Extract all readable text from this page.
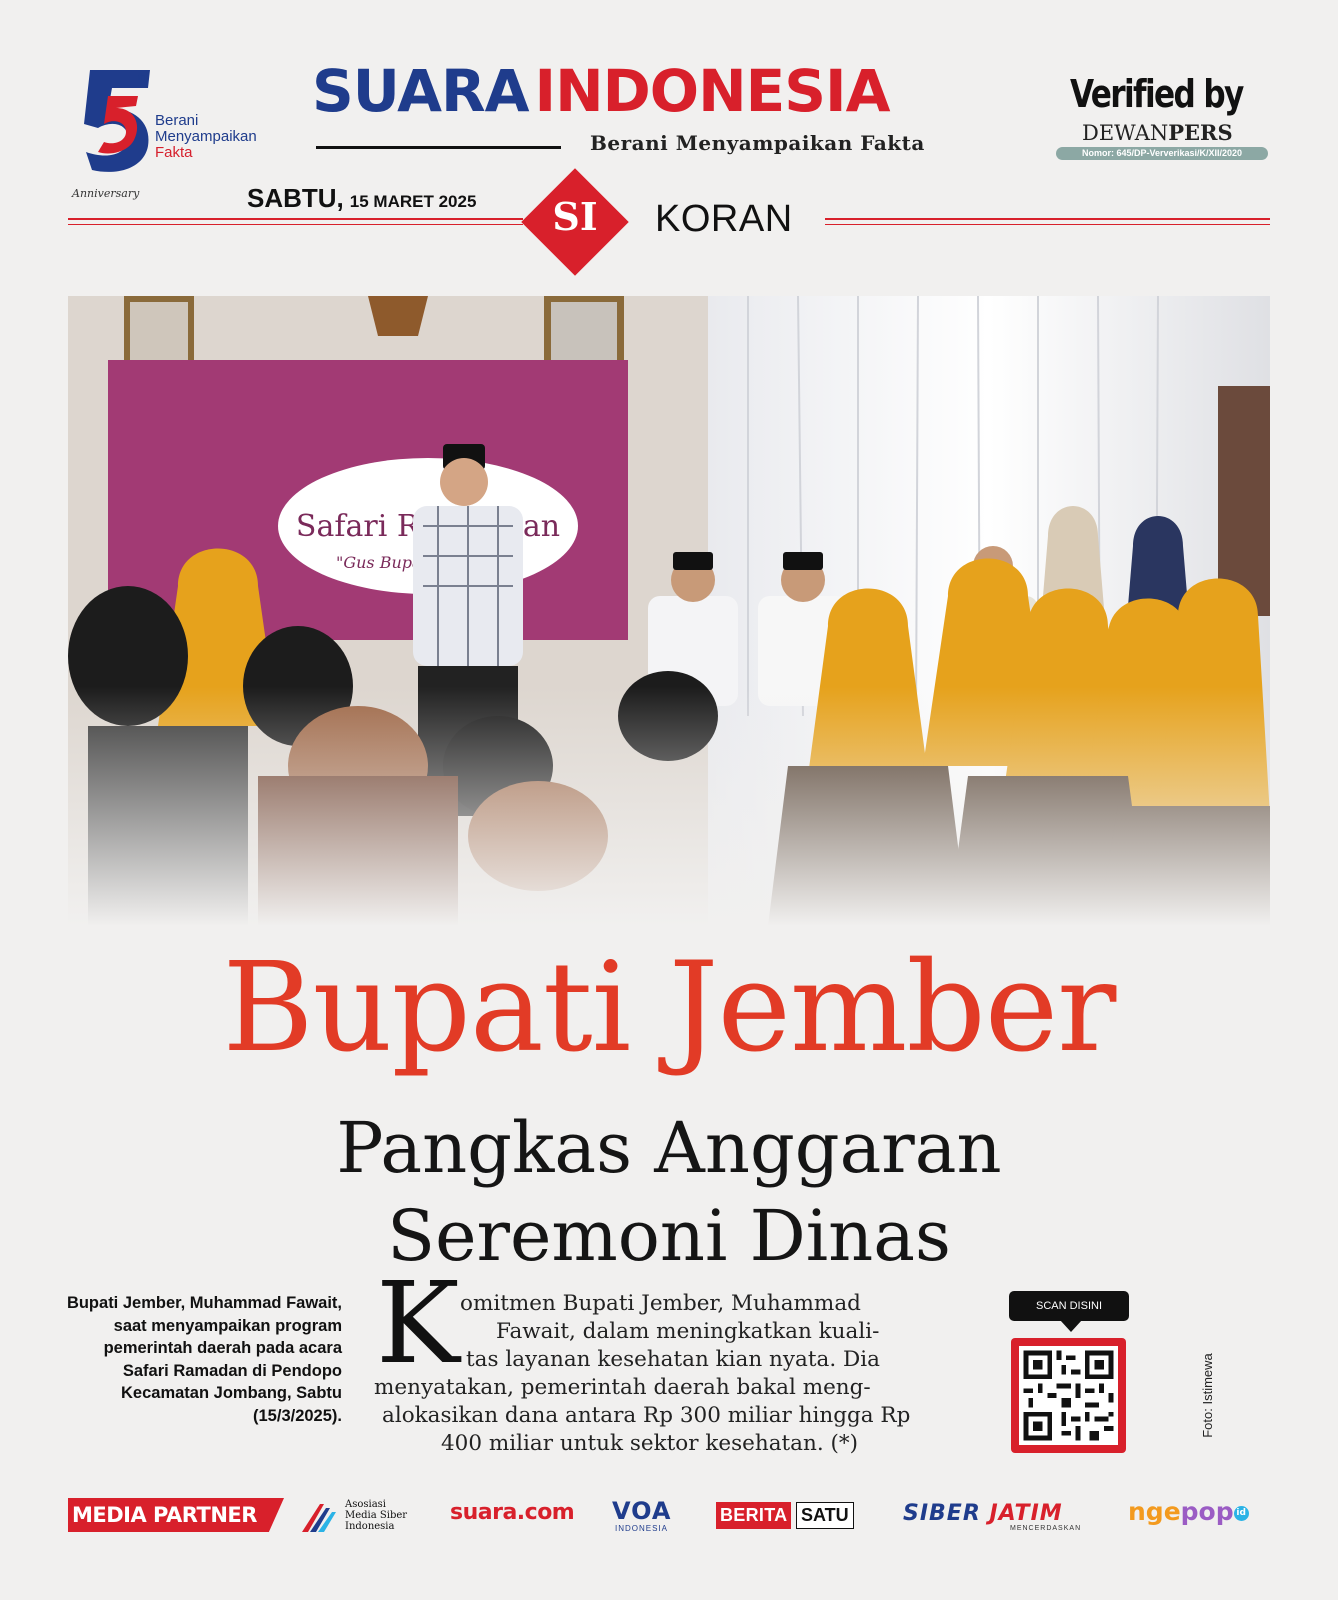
th
Berani
Menyampaikan
Fakta
Anniversary
SUARA INDONESIA
Berani Menyampaikan Fakta
Verified by
DEWANPERS
Nomor: 645/DP-Ververikasi/K/XII/2020
SABTU, 15 MARET 2025	SI	KORAN
Bupati Jember
Pangkas Anggaran
Seremoni Dinas
Bupati Jember, Muhammad Fawait, saat menyampaikan program pemerintah daerah pada acara Safari Ramadan di Pendopo Kecamatan Jombang, Sabtu (15/3/2025).
K omitmen Bupati Jember, Muhammad
Fawait, dalam meningkatkan kuali-
tas layanan kesehatan kian nyata. Dia
menyatakan, pemerintah daerah bakal meng-
alokasikan dana antara Rp 300 miliar hingga Rp
400 miliar untuk sektor kesehatan. (*)
SCAN DISINI
Foto: Istimewa
MEDIA PARTNER	Asosiasi
Media Siber
Indonesia
suara.com VOA
INDONESIA
BERITA SATU SIBER JATIM
MENCERDASKAN
ngepop id
